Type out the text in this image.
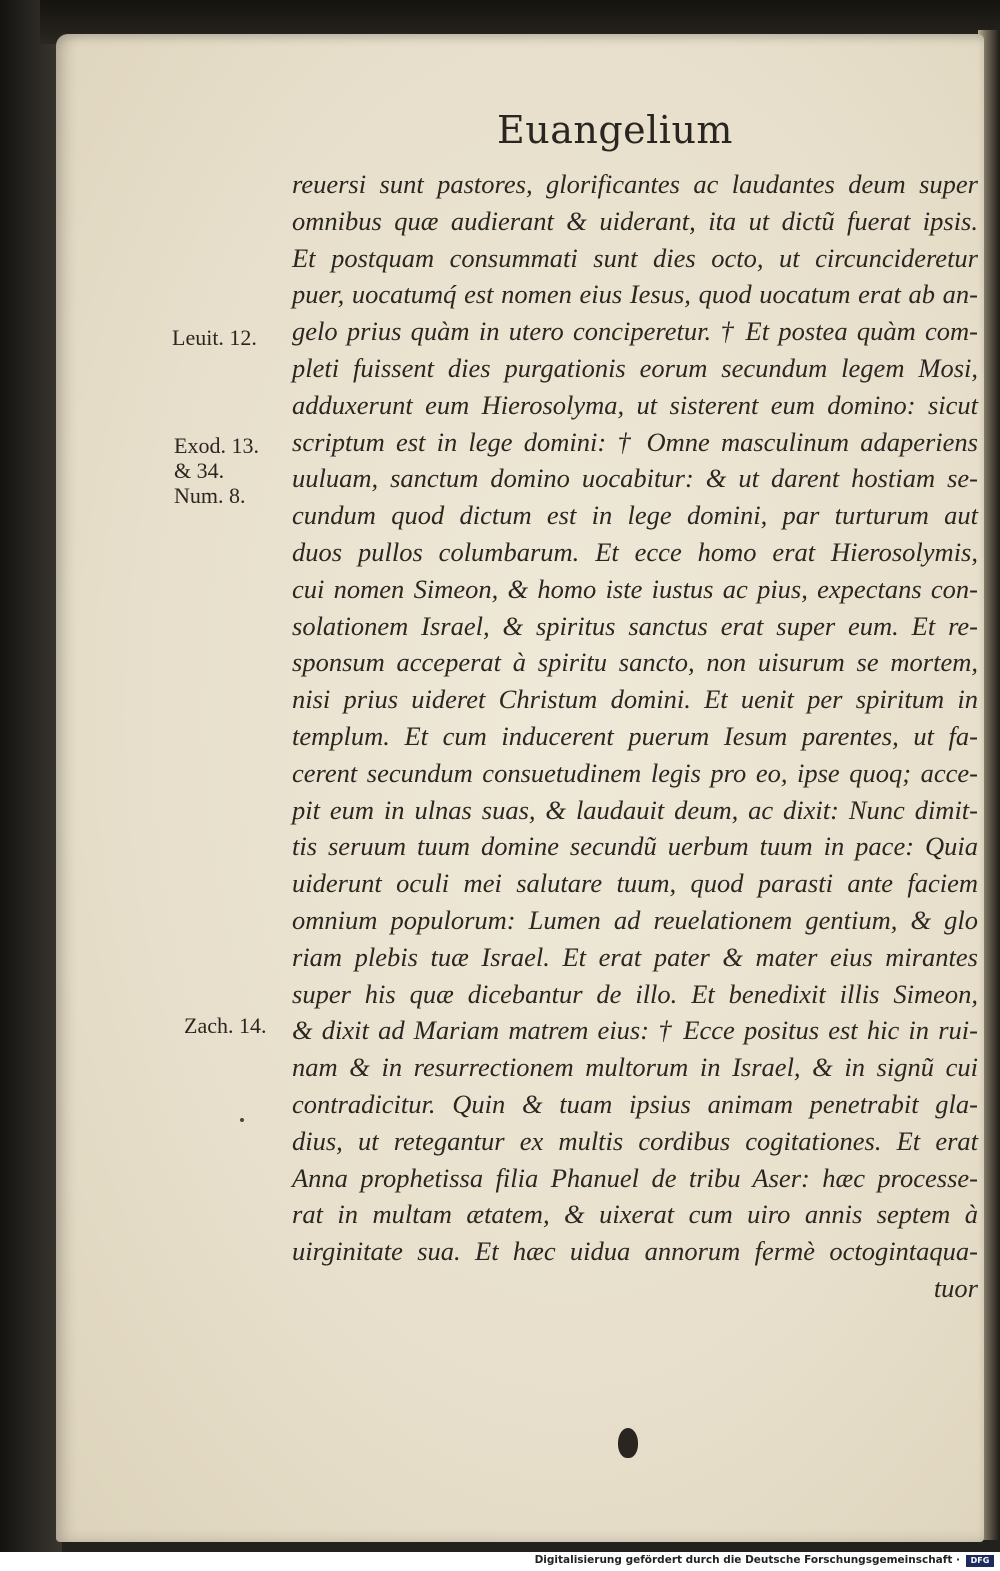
Euangelium
reuersi sunt pastores, glorificantes ac laudantes deum super
omnibus quæ audierant & uiderant, ita ut dictũ fuerat ipsis.
Et postquam consummati sunt dies octo, ut circuncideretur
puer, uocatumq́ est nomen eius Iesus, quod uocatum erat ab an-
gelo prius quàm in utero conciperetur. † Et postea quàm com-
pleti fuissent dies purgationis eorum secundum legem Mosi,
adduxerunt eum Hierosolyma, ut sisterent eum domino: sicut
scriptum est in lege domini: † Omne masculinum adaperiens
uuluam, sanctum domino uocabitur: & ut darent hostiam se-
cundum quod dictum est in lege domini, par turturum aut
duos pullos columbarum. Et ecce homo erat Hierosolymis,
cui nomen Simeon, & homo iste iustus ac pius, expectans con-
solationem Israel, & spiritus sanctus erat super eum. Et re-
sponsum acceperat à spiritu sancto, non uisurum se mortem,
nisi prius uideret Christum domini. Et uenit per spiritum in
templum. Et cum inducerent puerum Iesum parentes, ut fa-
cerent secundum consuetudinem legis pro eo, ipse quoq; acce-
pit eum in ulnas suas, & laudauit deum, ac dixit: Nunc dimit-
tis seruum tuum domine secundũ uerbum tuum in pace: Quia
uiderunt oculi mei salutare tuum, quod parasti ante faciem
omnium populorum: Lumen ad reuelationem gentium, & glo
riam plebis tuæ Israel. Et erat pater & mater eius mirantes
super his quæ dicebantur de illo. Et benedixit illis Simeon,
& dixit ad Mariam matrem eius: † Ecce positus est hic in rui-
nam & in resurrectionem multorum in Israel, & in signũ cui
contradicitur. Quin & tuam ipsius animam penetrabit gla-
dius, ut retegantur ex multis cordibus cogitationes. Et erat
Anna prophetissa filia Phanuel de tribu Aser: hæc processe-
rat in multam ætatem, & uixerat cum uiro annis septem à
uirginitate sua. Et hæc uidua annorum fermè octogintaqua-
tuor
Leuit. 12.
Exod. 13.
& 34.
Num. 8.
Zach. 14.
Digitalisierung gefördert durch die Deutsche Forschungsgemeinschaft ·	DFG
